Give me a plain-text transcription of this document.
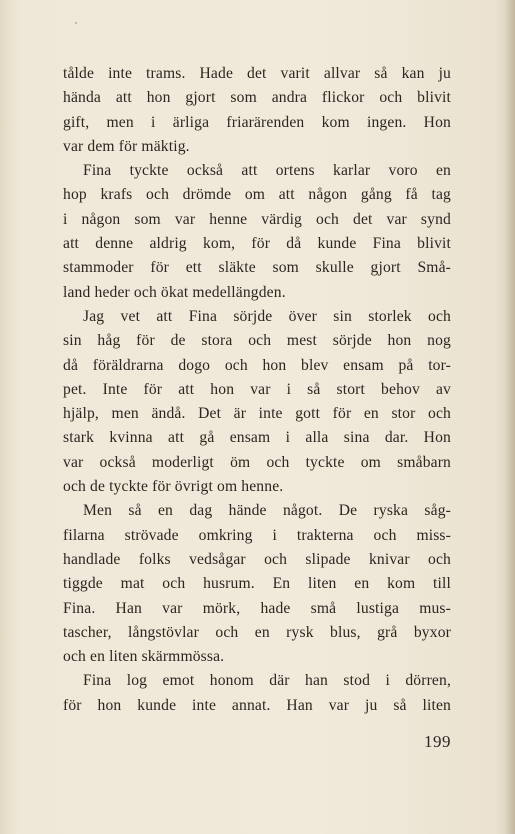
tålde inte trams. Hade det varit allvar så kan ju
hända att hon gjort som andra flickor och blivit
gift, men i ärliga friarärenden kom ingen. Hon
var dem för mäktig.
Fina tyckte också att ortens karlar voro en
hop krafs och drömde om att någon gång få tag
i någon som var henne värdig och det var synd
att denne aldrig kom, för då kunde Fina blivit
stammoder för ett släkte som skulle gjort Små-
land heder och ökat medellängden.
Jag vet att Fina sörjde över sin storlek och
sin håg för de stora och mest sörjde hon nog
då föräldrarna dogo och hon blev ensam på tor-
pet. Inte för att hon var i så stort behov av
hjälp, men ändå. Det är inte gott för en stor och
stark kvinna att gå ensam i alla sina dar. Hon
var också moderligt öm och tyckte om småbarn
och de tyckte för övrigt om henne.
Men så en dag hände något. De ryska såg-
filarna strövade omkring i trakterna och miss-
handlade folks vedsågar och slipade knivar och
tiggde mat och husrum. En liten en kom till
Fina. Han var mörk, hade små lustiga mus-
tascher, långstövlar och en rysk blus, grå byxor
och en liten skärmmössa.
Fina log emot honom där han stod i dörren,
för hon kunde inte annat. Han var ju så liten
199
